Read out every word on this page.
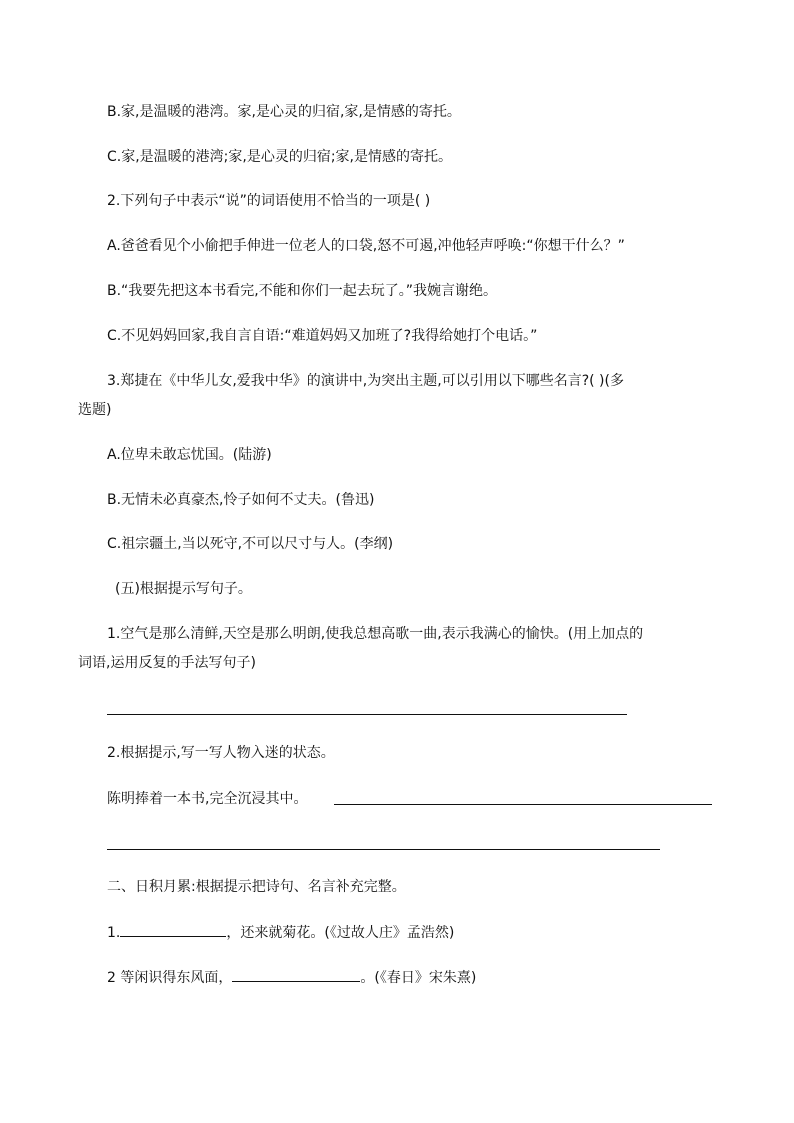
B.家,是温暖的港湾。家,是心灵的归宿,家,是情感的寄托。
C.家,是温暖的港湾;家,是心灵的归宿;家,是情感的寄托。
2.下列句子中表示“说”的词语使用不恰当的一项是( )
A.爸爸看见个小偷把手伸进一位老人的口袋,怒不可遏,冲他轻声呼唤:“你想干什么？”
B.“我要先把这本书看完,不能和你们一起去玩了。”我婉言谢绝。
C.不见妈妈回家,我自言自语:“难道妈妈又加班了?我得给她打个电话。”
3.郑捷在《中华儿女,爱我中华》的演讲中,为突出主题,可以引用以下哪些名言?( )(多
选题)
A.位卑未敢忘忧国。(陆游)
B.无情未必真豪杰,怜子如何不丈夫。(鲁迅)
C.祖宗疆土,当以死守,不可以尺寸与人。(李纲)
(五)根据提示写句子。
1.空气是那么清鲜,天空是那么明朗,使我总想高歌一曲,表示我满心的愉快。(用上加点的
词语,运用反复的手法写句子)
2.根据提示,写一写人物入迷的状态。
陈明捧着一本书,完全沉浸其中。
二、日积月累:根据提示把诗句、名言补充完整。
1.	，还来就菊花。(《过故人庄》孟浩然)
2 等闲识得东风面，	。(《春日》宋朱熹)
